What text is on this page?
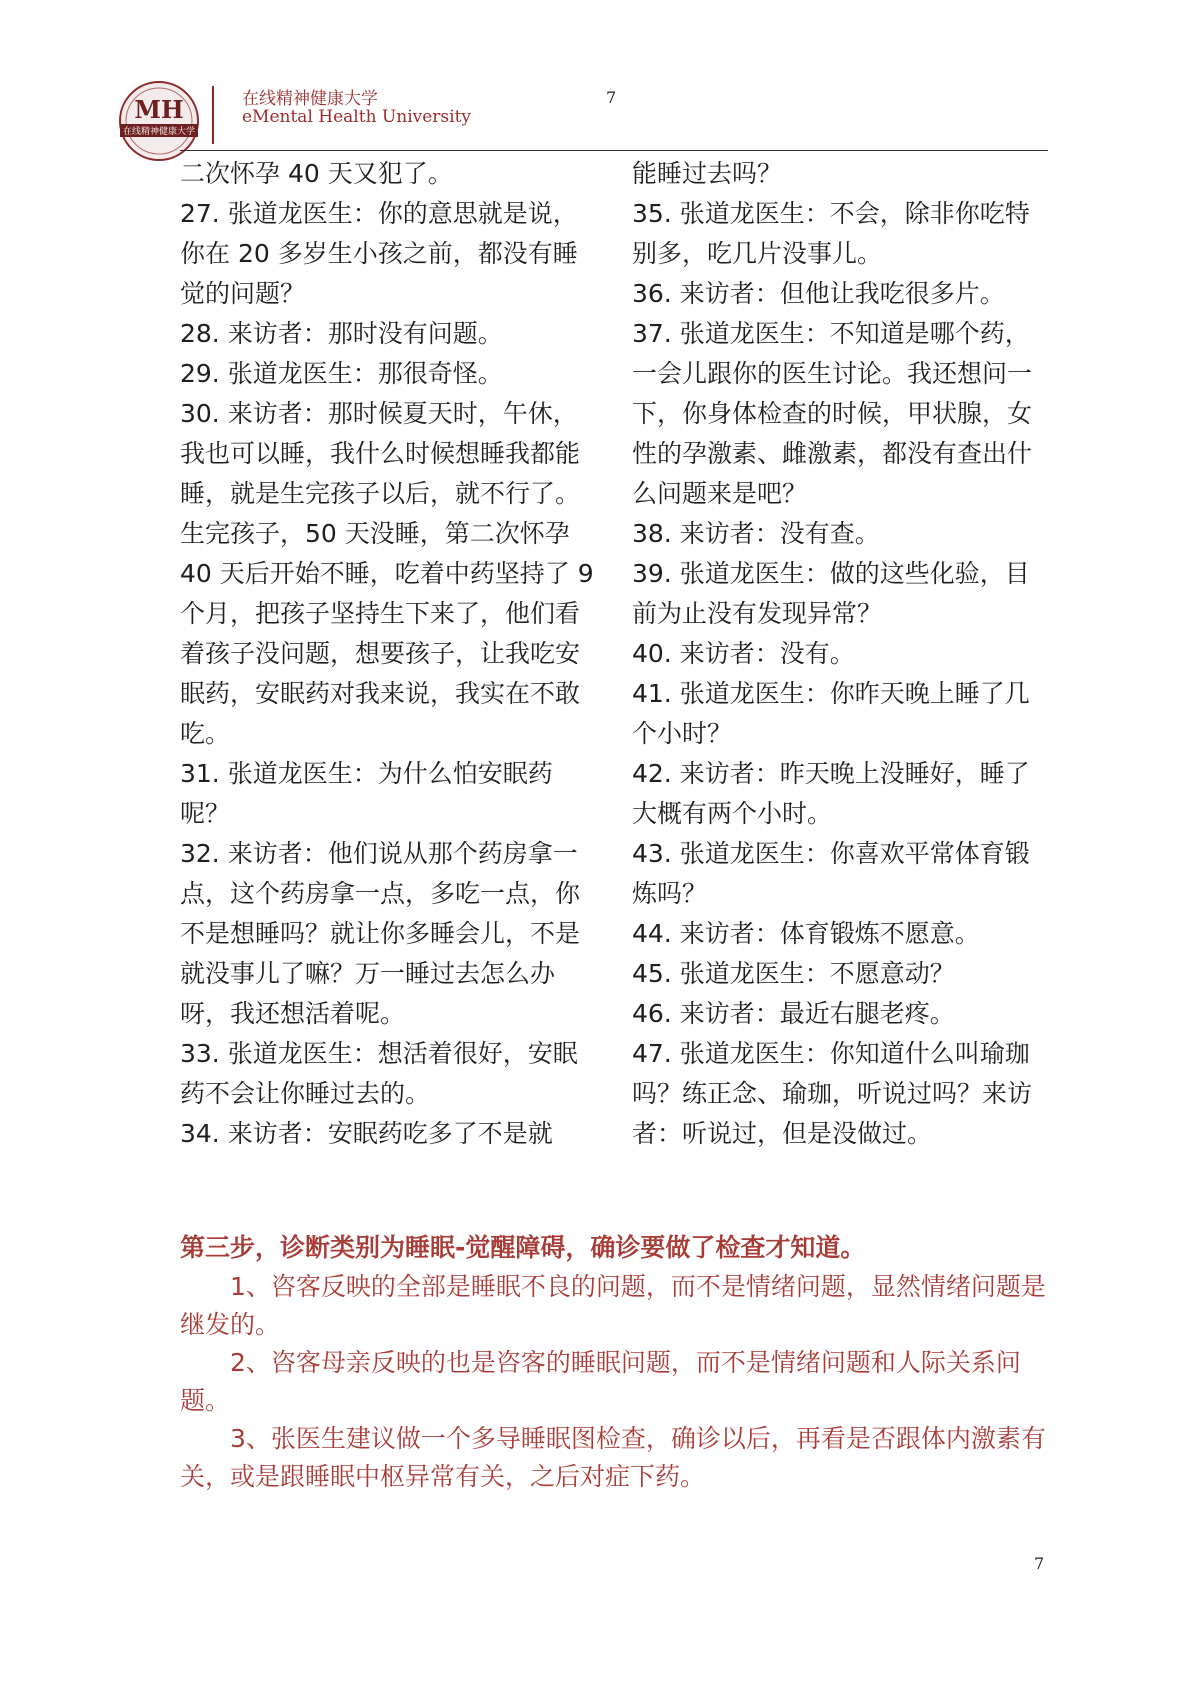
MH
在线精神健康大学
在线精神健康大学
eMental Health University
7

二次怀孕 40 天又犯了。

27. 张道龙医生：你的意思就是说，你在 20 多岁生小孩之前，都没有睡觉的问题？

28. 来访者：那时没有问题。

29. 张道龙医生：那很奇怪。

30. 来访者：那时候夏天时，午休，我也可以睡，我什么时候想睡我都能睡，就是生完孩子以后，就不行了。生完孩子，50 天没睡，第二次怀孕 40 天后开始不睡，吃着中药坚持了 9 个月，把孩子坚持生下来了，他们看着孩子没问题，想要孩子，让我吃安眠药，安眠药对我来说，我实在不敢吃。

31. 张道龙医生：为什么怕安眠药呢？

32. 来访者：他们说从那个药房拿一点，这个药房拿一点，多吃一点，你不是想睡吗？就让你多睡会儿，不是就没事儿了嘛？万一睡过去怎么办呀，我还想活着呢。

33. 张道龙医生：想活着很好，安眠药不会让你睡过去的。

34. 来访者：安眠药吃多了不是就

能睡过去吗？

35. 张道龙医生：不会，除非你吃特别多，吃几片没事儿。

36. 来访者：但他让我吃很多片。

37. 张道龙医生：不知道是哪个药，一会儿跟你的医生讨论。我还想问一下，你身体检查的时候，甲状腺，女性的孕激素、雌激素，都没有查出什么问题来是吧？

38. 来访者：没有查。

39. 张道龙医生：做的这些化验，目前为止没有发现异常？

40. 来访者：没有。

41. 张道龙医生：你昨天晚上睡了几个小时？

42. 来访者：昨天晚上没睡好，睡了大概有两个小时。

43. 张道龙医生：你喜欢平常体育锻炼吗？

44. 来访者：体育锻炼不愿意。

45. 张道龙医生：不愿意动？

46. 来访者：最近右腿老疼。

47. 张道龙医生：你知道什么叫瑜珈吗？练正念、瑜珈，听说过吗？来访者：听说过，但是没做过。

第三步，诊断类别为睡眠-觉醒障碍，确诊要做了检查才知道。

1、咨客反映的全部是睡眠不良的问题，而不是情绪问题，显然情绪问题是继发的。

2、咨客母亲反映的也是咨客的睡眠问题，而不是情绪问题和人际关系问题。

3、张医生建议做一个多导睡眠图检查，确诊以后，再看是否跟体内激素有关，或是跟睡眠中枢异常有关，之后对症下药。

7
